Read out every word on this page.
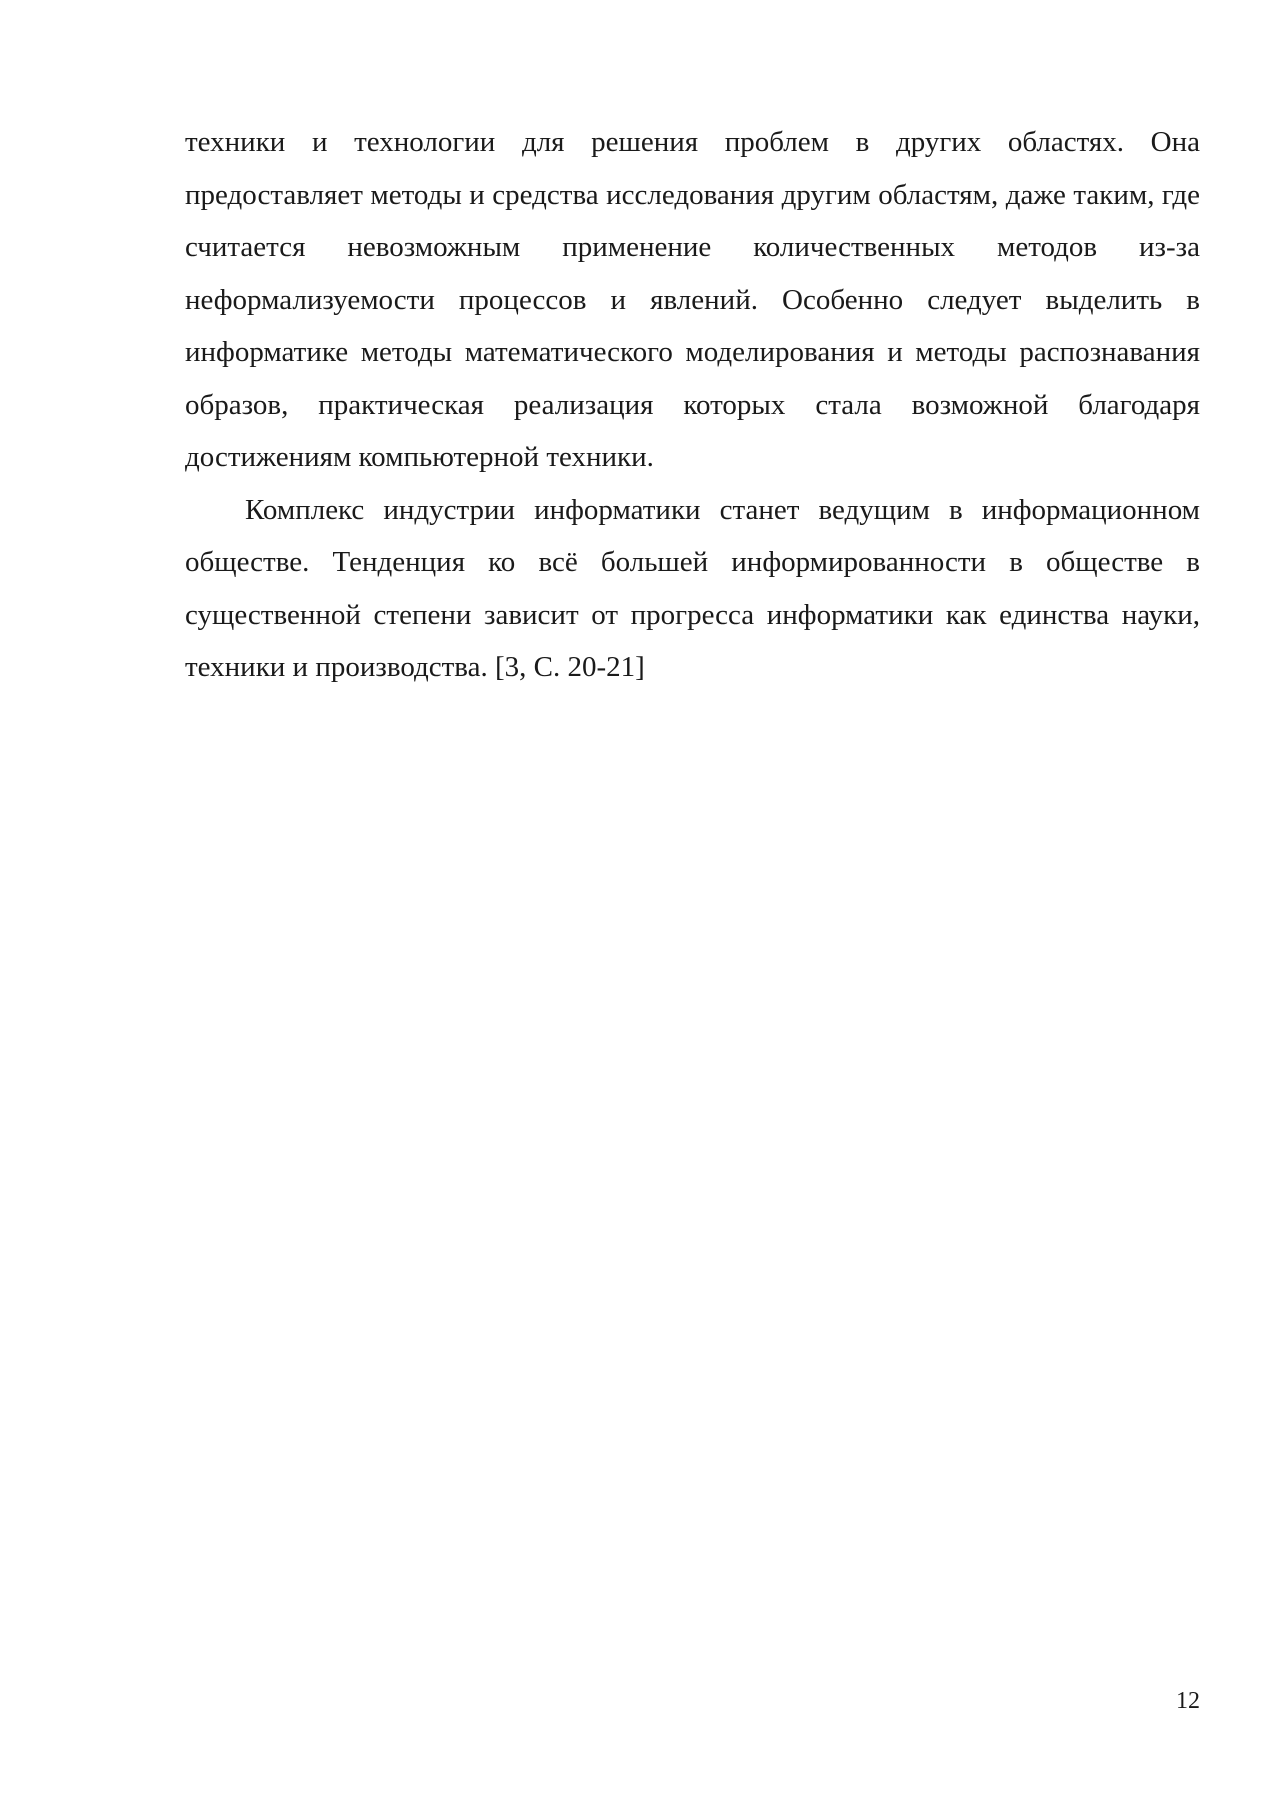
техники и технологии для решения проблем в других областях. Она предоставляет методы и средства исследования другим областям, даже таким, где считается невозможным применение количественных методов из-за неформализуемости процессов и явлений. Особенно следует выделить в информатике методы математического моделирования и методы распознавания образов, практическая реализация которых стала возможной благодаря достижениям компьютерной техники.

Комплекс индустрии информатики станет ведущим в информационном обществе. Тенденция ко всё большей информированности в обществе в существенной степени зависит от прогресса информатики как единства науки, техники и производства. [3, С. 20-21]

12
